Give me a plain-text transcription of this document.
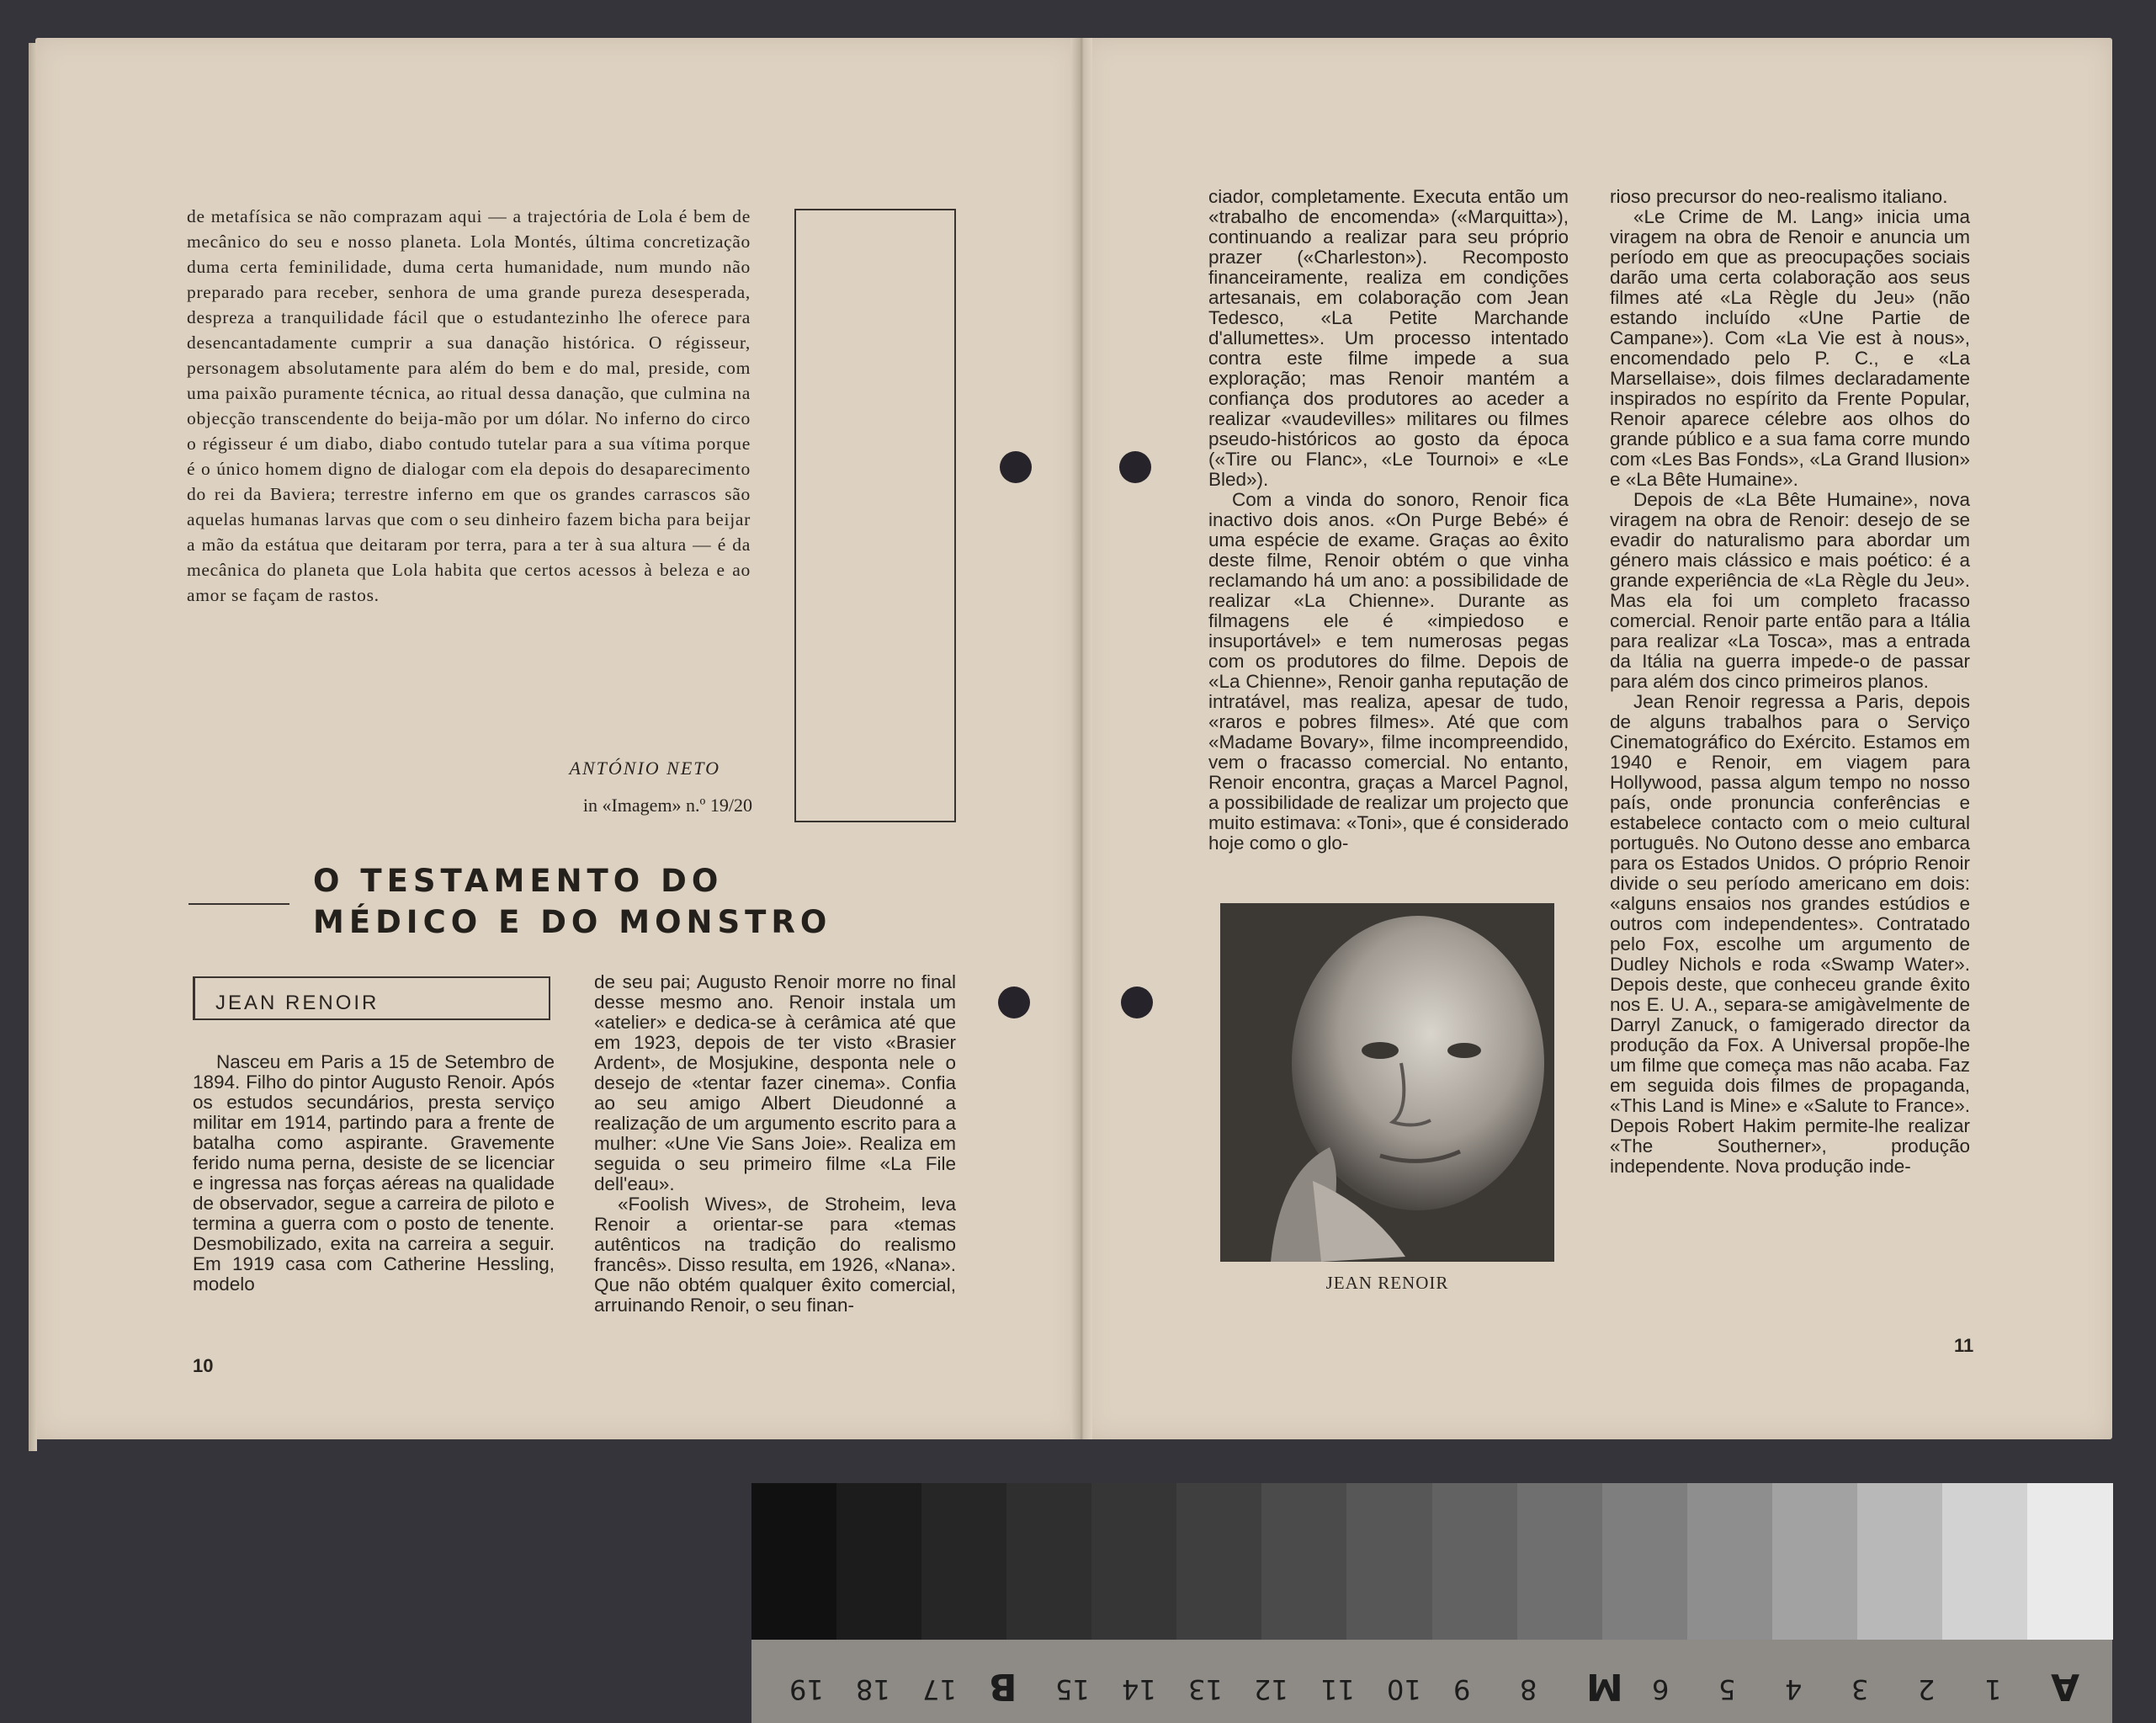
de metafísica se não comprazam aqui — a trajectória de Lola é bem de mecânico do seu e nosso planeta. Lola Montés, última concretização duma certa feminilidade, duma certa humanidade, num mundo não preparado para receber, senhora de uma grande pureza desesperada, despreza a tranquilidade fácil que o estudantezinho lhe oferece para desencantadamente cumprir a sua danação histórica. O régisseur, personagem absolutamente para além do bem e do mal, preside, com uma paixão puramente técnica, ao ritual dessa danação, que culmina na objecção transcendente do beija-mão por um dólar. No inferno do circo o régisseur é um diabo, diabo contudo tutelar para a sua vítima porque é o único homem digno de dialogar com ela depois do desaparecimento do rei da Baviera; terrestre inferno em que os grandes carrascos são aquelas humanas larvas que com o seu dinheiro fazem bicha para beijar a mão da estátua que deitaram por terra, para a ter à sua altura — é da mecânica do planeta que Lola habita que certos acessos à beleza e ao amor se façam de rastos.
ANTÓNIO NETO
in «Imagem» n.º 19/20
O TESTAMENTO DO
MÉDICO E DO MONSTRO
JEAN RENOIR

Nasceu em Paris a 15 de Setembro de 1894. Filho do pintor Augusto Renoir. Após os estudos secundários, presta serviço militar em 1914, partindo para a frente de batalha como aspirante. Gravemente ferido numa perna, desiste de se licenciar e ingressa nas forças aéreas na qualidade de observador, segue a carreira de piloto e termina a guerra com o posto de tenente. Desmobilizado, exita na carreira a seguir. Em 1919 casa com Catherine Hessling, modelo

de seu pai; Augusto Renoir morre no final desse mesmo ano. Renoir instala um «atelier» e dedica-se à cerâmica até que em 1923, depois de ter visto «Brasier Ardent», de Mosjukine, desponta nele o desejo de «tentar fazer cinema». Confia ao seu amigo Albert Dieudonné a realização de um argumento escrito para a mulher: «Une Vie Sans Joie». Realiza em seguida o seu primeiro filme «La File dell'eau».

«Foolish Wives», de Stroheim, leva Renoir a orientar-se para «temas autênticos na tradição do realismo francês». Disso resulta, em 1926, «Nana». Que não obtém qualquer êxito comercial, arruinando Renoir, o seu finan-

10

ciador, completamente. Executa então um «trabalho de encomenda» («Marquitta»), continuando a realizar para seu próprio prazer («Charleston»). Recomposto financeiramente, realiza em condições artesanais, em colaboração com Jean Tedesco, «La Petite Marchande d'allumettes». Um processo intentado contra este filme impede a sua exploração; mas Renoir mantém a confiança dos produtores ao aceder a realizar «vaudevilles» militares ou filmes pseudo-históricos ao gosto da época («Tire ou Flanc», «Le Tournoi» e «Le Bled»).

Com a vinda do sonoro, Renoir fica inactivo dois anos. «On Purge Bebé» é uma espécie de exame. Graças ao êxito deste filme, Renoir obtém o que vinha reclamando há um ano: a possibilidade de realizar «La Chienne». Durante as filmagens ele é «impiedoso e insuportável» e tem numerosas pegas com os produtores do filme. Depois de «La Chienne», Renoir ganha reputação de intratável, mas realiza, apesar de tudo, «raros e pobres filmes». Até que com «Madame Bovary», filme incompreendido, vem o fracasso comercial. No entanto, Renoir encontra, graças a Marcel Pagnol, a possibilidade de realizar um projecto que muito estimava: «Toni», que é considerado hoje como o glo-

JEAN RENOIR

rioso precursor do neo-realismo italiano.

«Le Crime de M. Lang» inicia uma viragem na obra de Renoir e anuncia um período em que as preocupações sociais darão uma certa colaboração aos seus filmes até «La Règle du Jeu» (não estando incluído «Une Partie de Campane»). Com «La Vie est à nous», encomendado pelo P. C., e «La Marsellaise», dois filmes declaradamente inspirados no espírito da Frente Popular, Renoir aparece célebre aos olhos do grande público e a sua fama corre mundo com «Les Bas Fonds», «La Grand Ilusion» e «La Bête Humaine».

Depois de «La Bête Humaine», nova viragem na obra de Renoir: desejo de se evadir do naturalismo para abordar um género mais clássico e mais poético: é a grande experiência de «La Règle du Jeu». Mas ela foi um completo fracasso comercial. Renoir parte então para a Itália para realizar «La Tosca», mas a entrada da Itália na guerra impede-o de passar para além dos cinco primeiros planos.

Jean Renoir regressa a Paris, depois de alguns trabalhos para o Serviço Cinematográfico do Exército. Estamos em 1940 e Renoir, em viagem para Hollywood, passa algum tempo no nosso país, onde pronuncia conferências e estabelece contacto com o meio cultural português. No Outono desse ano embarca para os Estados Unidos. O próprio Renoir divide o seu período americano em dois: «alguns ensaios nos grandes estúdios e outros com independentes». Contratado pelo Fox, escolhe um argumento de Dudley Nichols e roda «Swamp Water». Depois deste, que conheceu grande êxito nos E. U. A., separa-se amigàvelmente de Darryl Zanuck, o famigerado director da produção da Fox. A Universal propõe-lhe um filme que começa mas não acaba. Faz em seguida dois filmes de propaganda, «This Land is Mine» e «Salute to France». Depois Robert Hakim permite-lhe realizar «The Southerner», produção independente. Nova produção inde-

11
19 18 17 B 15 14 13 12 11 10 9 8 M 6 5 4 3 2 1 A
